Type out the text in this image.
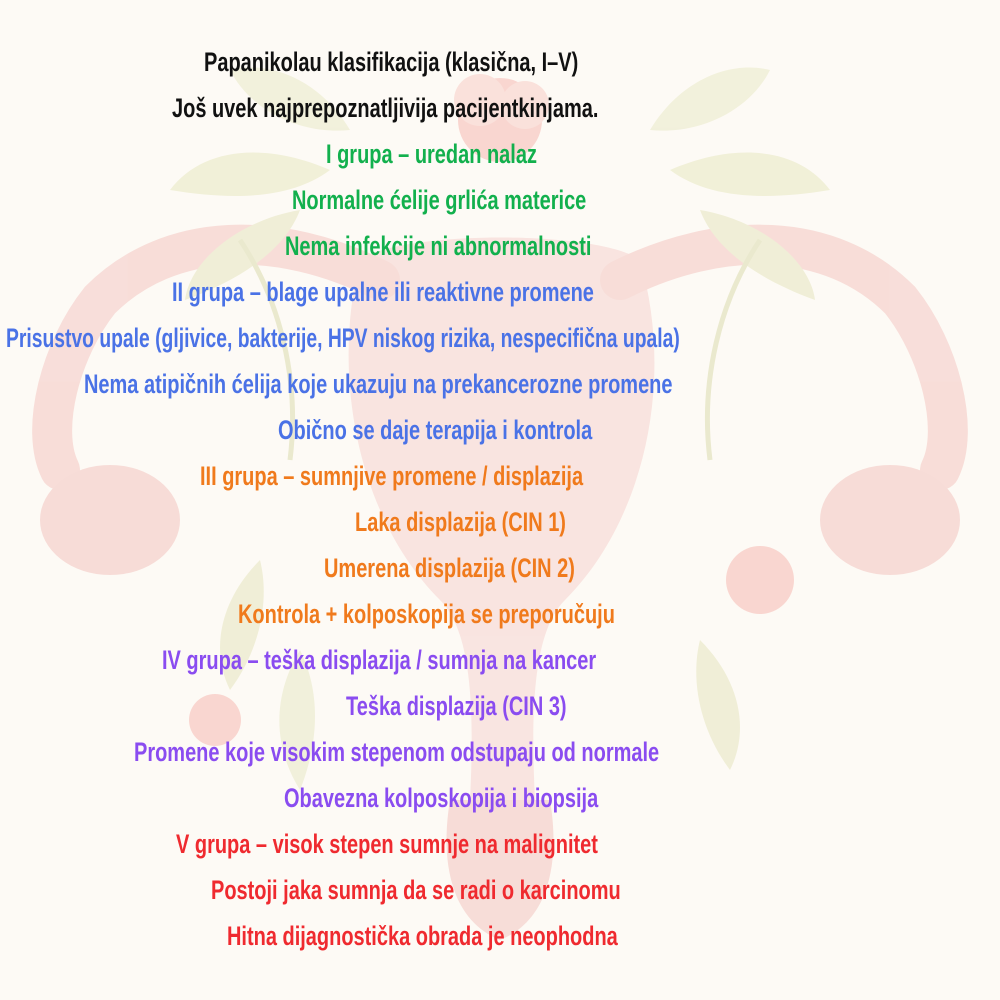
Papanikolau klasifikacija (klasična, I–V)
Još uvek najprepoznatljivija pacijentkinjama.
I grupa – uredan nalaz
Normalne ćelije grlića materice
Nema infekcije ni abnormalnosti
II grupa – blage upalne ili reaktivne promene
Prisustvo upale (gljivice, bakterije, HPV niskog rizika, nespecifična upala)
Nema atipičnih ćelija koje ukazuju na prekancerozne promene
Obično se daje terapija i kontrola
III grupa – sumnjive promene / displazija
Laka displazija (CIN 1)
Umerena displazija (CIN 2)
Kontrola + kolposkopija se preporučuju
IV grupa – teška displazija / sumnja na kancer
Teška displazija (CIN 3)
Promene koje visokim stepenom odstupaju od normale
Obavezna kolposkopija i biopsija
V grupa – visok stepen sumnje na malignitet
Postoji jaka sumnja da se radi o karcinomu
Hitna dijagnostička obrada je neophodna
